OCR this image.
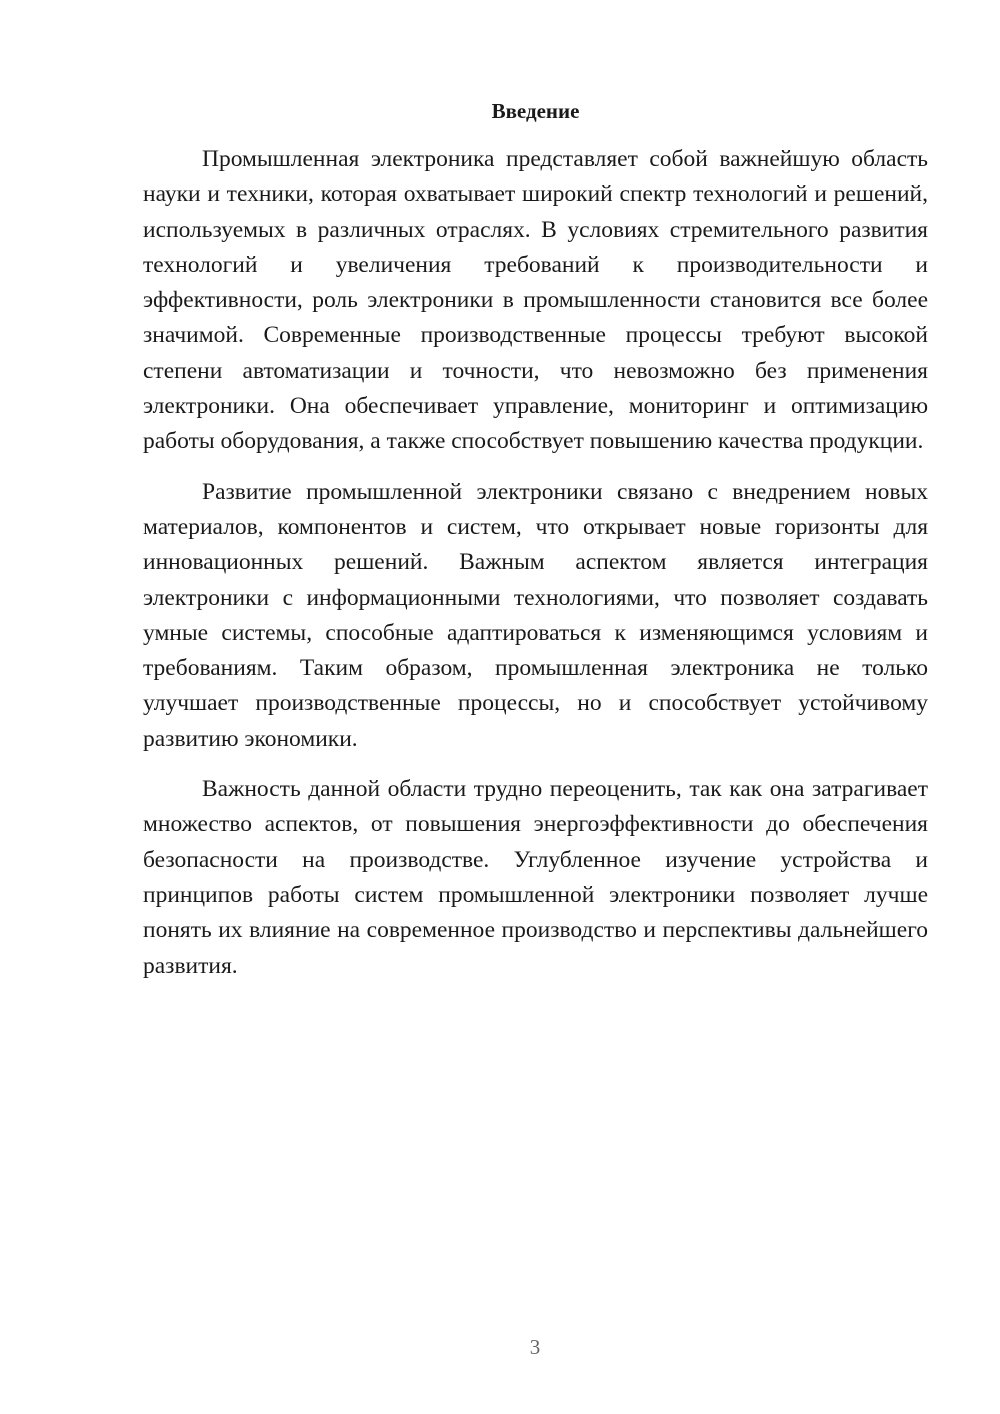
Введение

Промышленная электроника представляет собой важнейшую область науки и техники, которая охватывает широкий спектр технологий и решений, используемых в различных отраслях. В условиях стремительного развития технологий и увеличения требований к производительности и эффективности, роль электроники в промышленности становится все более значимой. Современные производственные процессы требуют высокой степени автоматизации и точности, что невозможно без применения электроники. Она обеспечивает управление, мониторинг и оптимизацию работы оборудования, а также способствует повышению качества продукции.

Развитие промышленной электроники связано с внедрением новых материалов, компонентов и систем, что открывает новые горизонты для инновационных решений. Важным аспектом является интеграция электроники с информационными технологиями, что позволяет создавать умные системы, способные адаптироваться к изменяющимся условиям и требованиям. Таким образом, промышленная электроника не только улучшает производственные процессы, но и способствует устойчивому развитию экономики.

Важность данной области трудно переоценить, так как она затрагивает множество аспектов, от повышения энергоэффективности до обеспечения безопасности на производстве. Углубленное изучение устройства и принципов работы систем промышленной электроники позволяет лучше понять их влияние на современное производство и перспективы дальнейшего развития.

3
